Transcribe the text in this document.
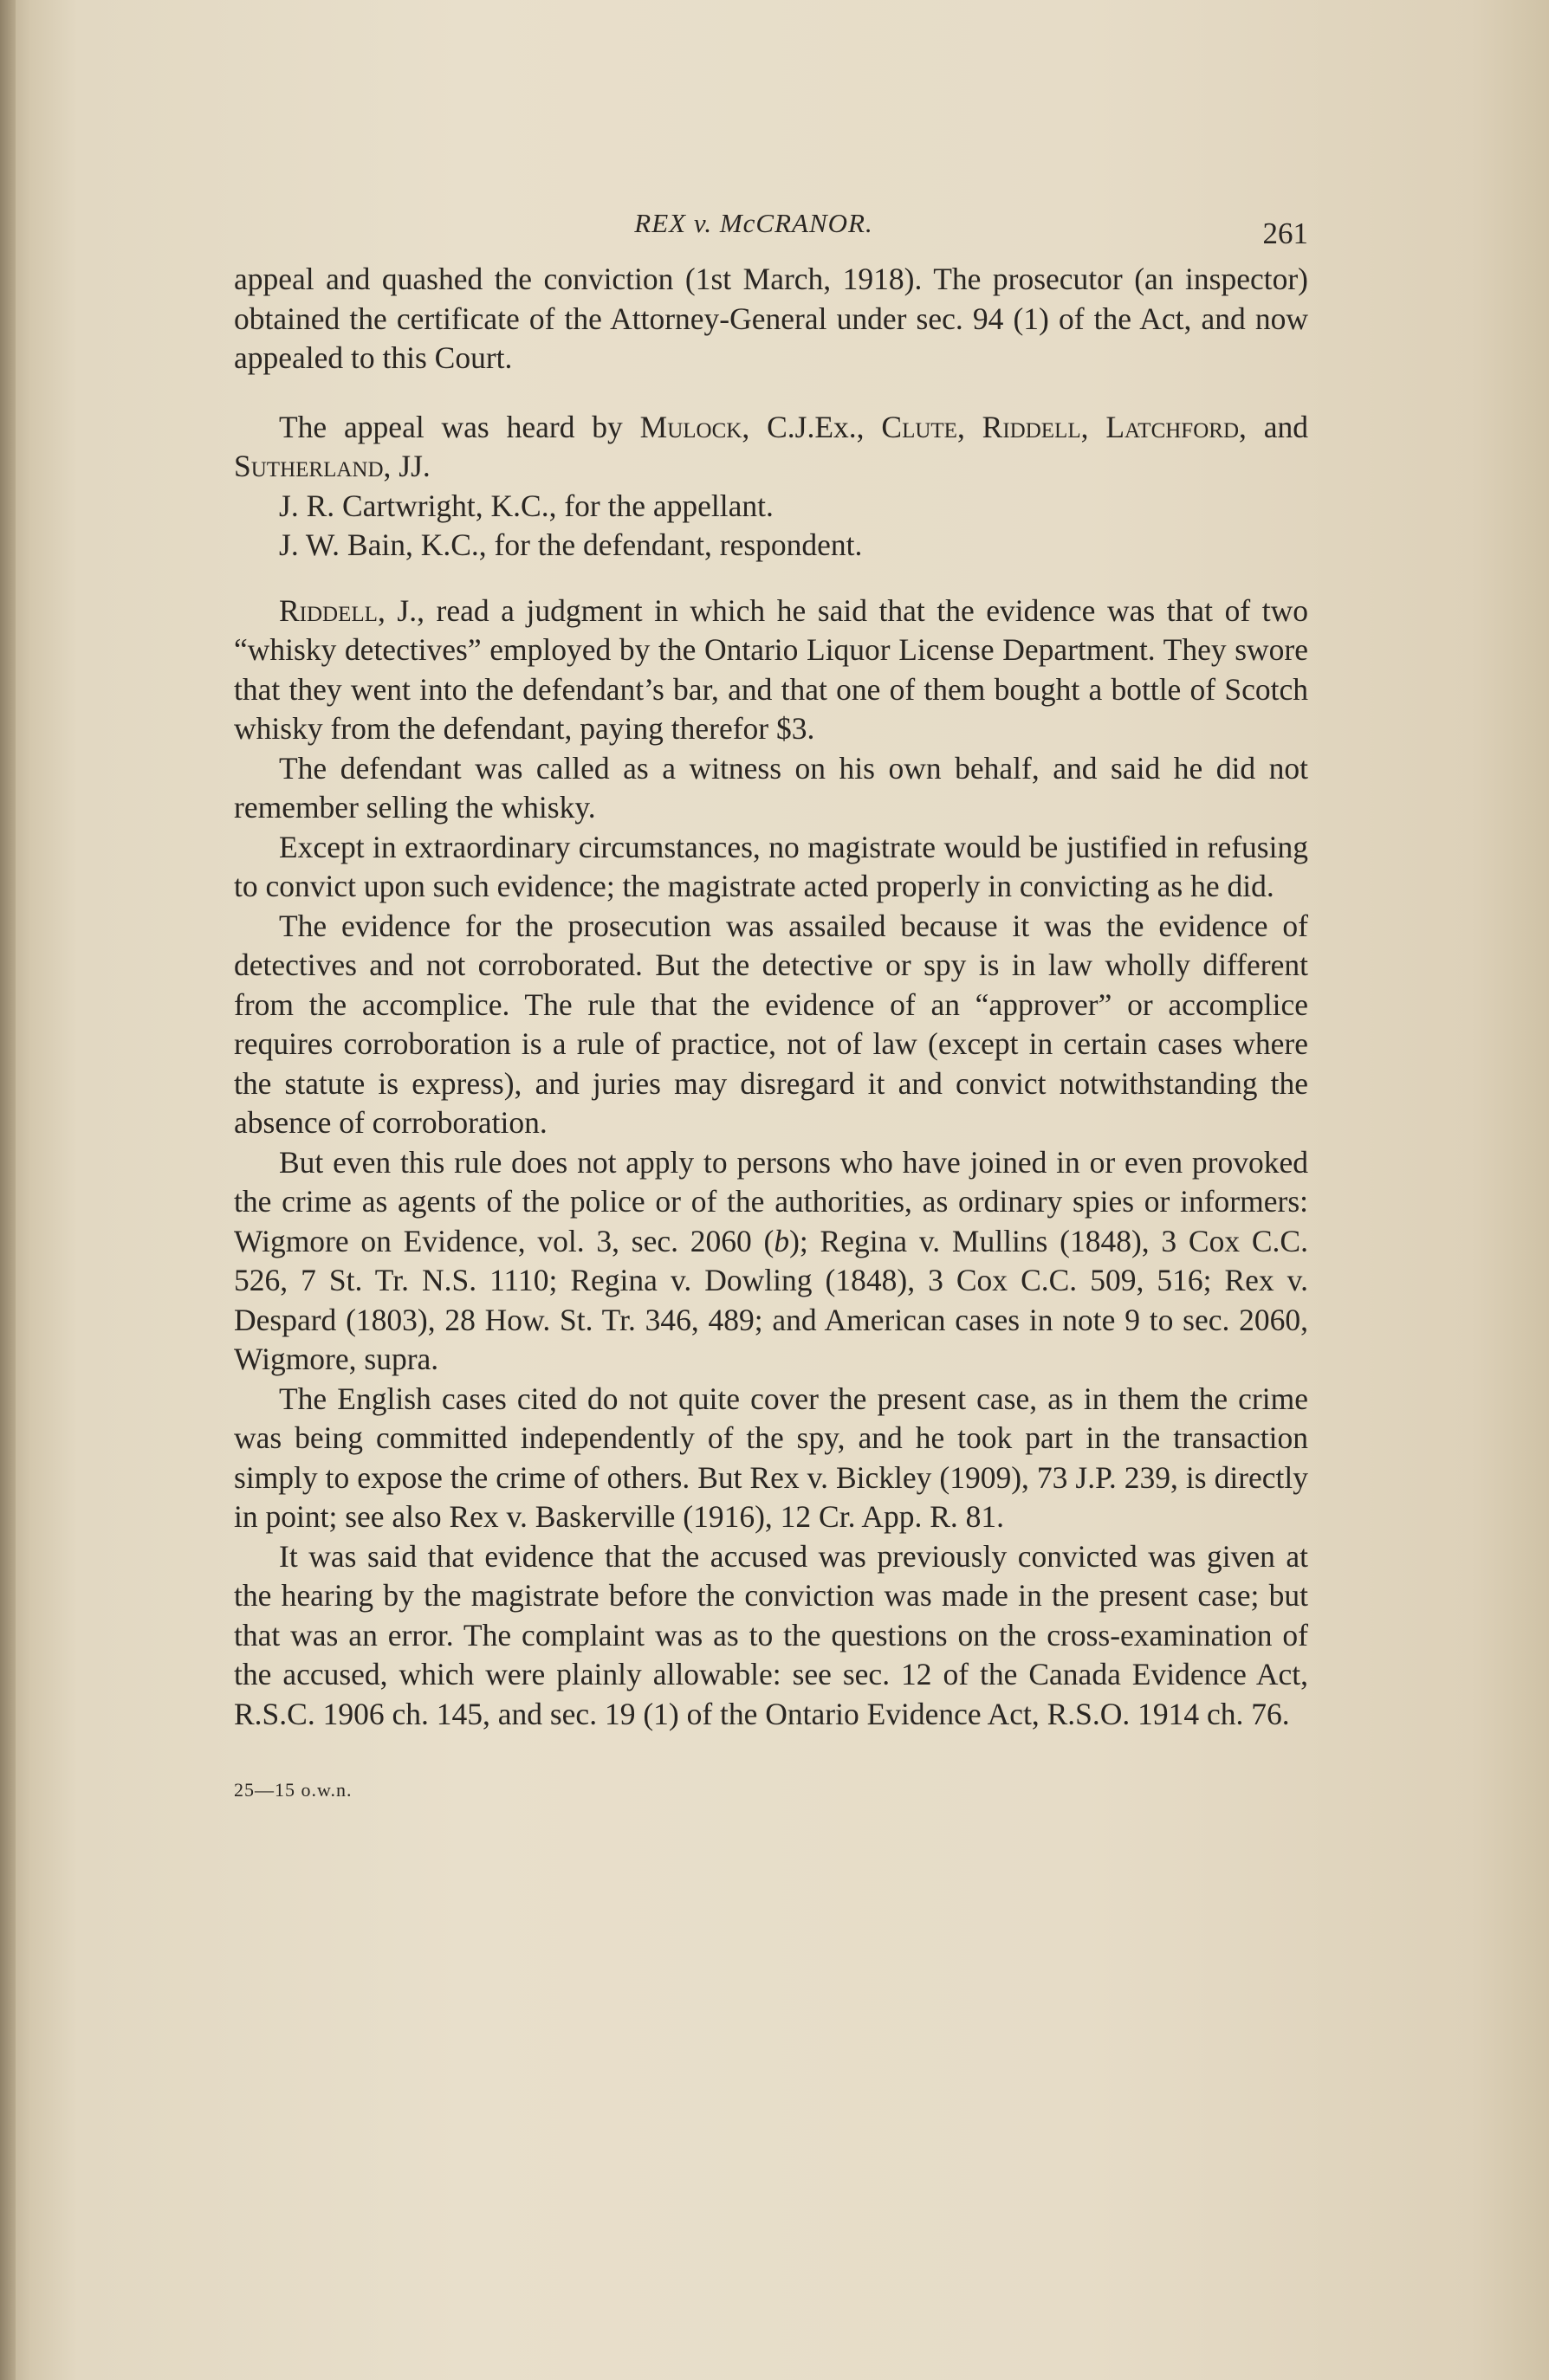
REX v. McCRANOR.	261

appeal and quashed the conviction (1st March, 1918). The prosecutor (an inspector) obtained the certificate of the Attorney-General under sec. 94 (1) of the Act, and now appealed to this Court.

The appeal was heard by Mulock, C.J.Ex., Clute, Riddell, Latchford, and Sutherland, JJ.

J. R. Cartwright, K.C., for the appellant.

J. W. Bain, K.C., for the defendant, respondent.

Riddell, J., read a judgment in which he said that the evidence was that of two “whisky detectives” employed by the Ontario Liquor License Department. They swore that they went into the defendant’s bar, and that one of them bought a bottle of Scotch whisky from the defendant, paying therefor $3.

The defendant was called as a witness on his own behalf, and said he did not remember selling the whisky.

Except in extraordinary circumstances, no magistrate would be justified in refusing to convict upon such evidence; the magistrate acted properly in convicting as he did.

The evidence for the prosecution was assailed because it was the evidence of detectives and not corroborated. But the detective or spy is in law wholly different from the accomplice. The rule that the evidence of an “approver” or accomplice requires corroboration is a rule of practice, not of law (except in certain cases where the statute is express), and juries may disregard it and convict notwithstanding the absence of corroboration.

But even this rule does not apply to persons who have joined in or even provoked the crime as agents of the police or of the authorities, as ordinary spies or informers: Wigmore on Evidence, vol. 3, sec. 2060 (b); Regina v. Mullins (1848), 3 Cox C.C. 526, 7 St. Tr. N.S. 1110; Regina v. Dowling (1848), 3 Cox C.C. 509, 516; Rex v. Despard (1803), 28 How. St. Tr. 346, 489; and American cases in note 9 to sec. 2060, Wigmore, supra.

The English cases cited do not quite cover the present case, as in them the crime was being committed independently of the spy, and he took part in the transaction simply to expose the crime of others. But Rex v. Bickley (1909), 73 J.P. 239, is directly in point; see also Rex v. Baskerville (1916), 12 Cr. App. R. 81.

It was said that evidence that the accused was previously convicted was given at the hearing by the magistrate before the conviction was made in the present case; but that was an error. The complaint was as to the questions on the cross-examination of the accused, which were plainly allowable: see sec. 12 of the Canada Evidence Act, R.S.C. 1906 ch. 145, and sec. 19 (1) of the Ontario Evidence Act, R.S.O. 1914 ch. 76.

25—15 o.w.n.
